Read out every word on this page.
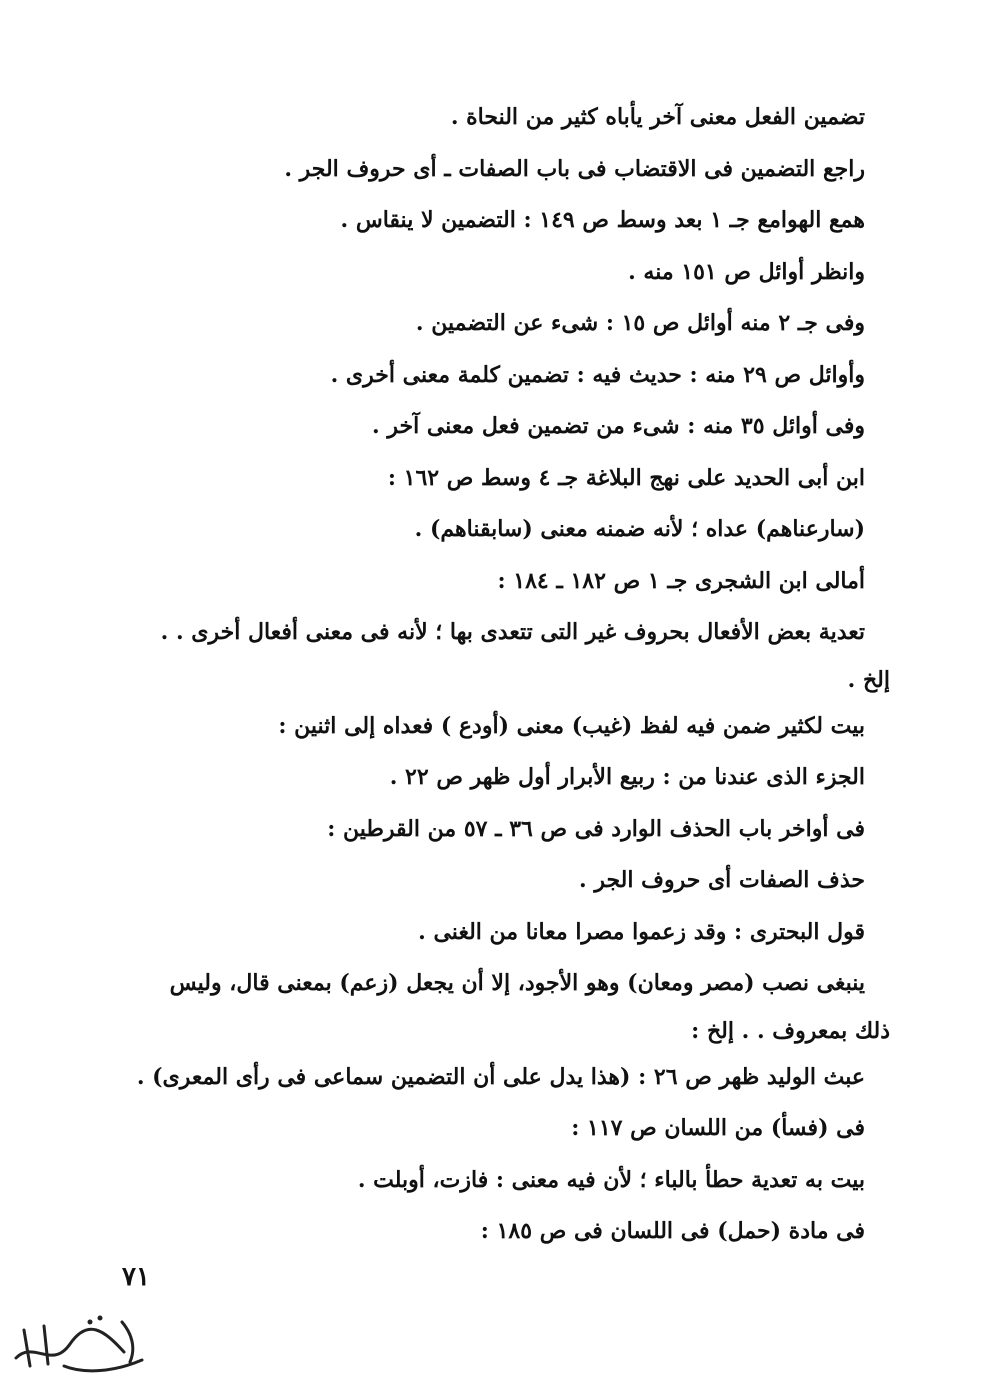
تضمين الفعل معنى آخر يأباه كثير من النحاة .
راجع التضمين فى الاقتضاب فى باب الصفات ـ أى حروف الجر .
همع الهوامع جـ ١ بعد وسط ص ١٤٩ : التضمين لا ينقاس .
وانظر أوائل ص ١٥١ منه .
وفى جـ ٢ منه أوائل ص ١٥ : شىء عن التضمين .
وأوائل ص ٢٩ منه : حديث فيه : تضمين كلمة معنى أخرى .
وفى أوائل ٣٥ منه : شىء من تضمين فعل معنى آخر .
ابن أبى الحديد على نهج البلاغة جـ ٤ وسط ص ١٦٢ :
(سارعناهم) عداه ؛ لأنه ضمنه معنى (سابقناهم) .
أمالى ابن الشجرى جـ ١ ص ١٨٢ ـ ١٨٤ :
تعدية بعض الأفعال بحروف غير التى تتعدى بها ؛ لأنه فى معنى أفعال أخرى . .
إلخ .
بيت لكثير ضمن فيه لفظ (غيب) معنى (أودع ) فعداه إلى اثنين :
الجزء الذى عندنا من : ربيع الأبرار أول ظهر ص ٢٢ .
فى أواخر باب الحذف الوارد فى ص ٣٦ ـ ٥٧ من القرطين :
حذف الصفات أى حروف الجر .
قول البحترى : وقد زعموا مصرا معانا من الغنى .
ينبغى نصب (مصر ومعان) وهو الأجود، إلا أن يجعل (زعم) بمعنى قال، وليس
ذلك بمعروف . . إلخ :
عبث الوليد ظهر ص ٢٦ : (هذا يدل على أن التضمين سماعى فى رأى المعرى) .
فى (فسأ) من اللسان ص ١١٧ :
بيت به تعدية حطأ بالباء ؛ لأن فيه معنى : فازت، أوبلت .
فى مادة (حمل) فى اللسان فى ص ١٨٥ :
٧١
